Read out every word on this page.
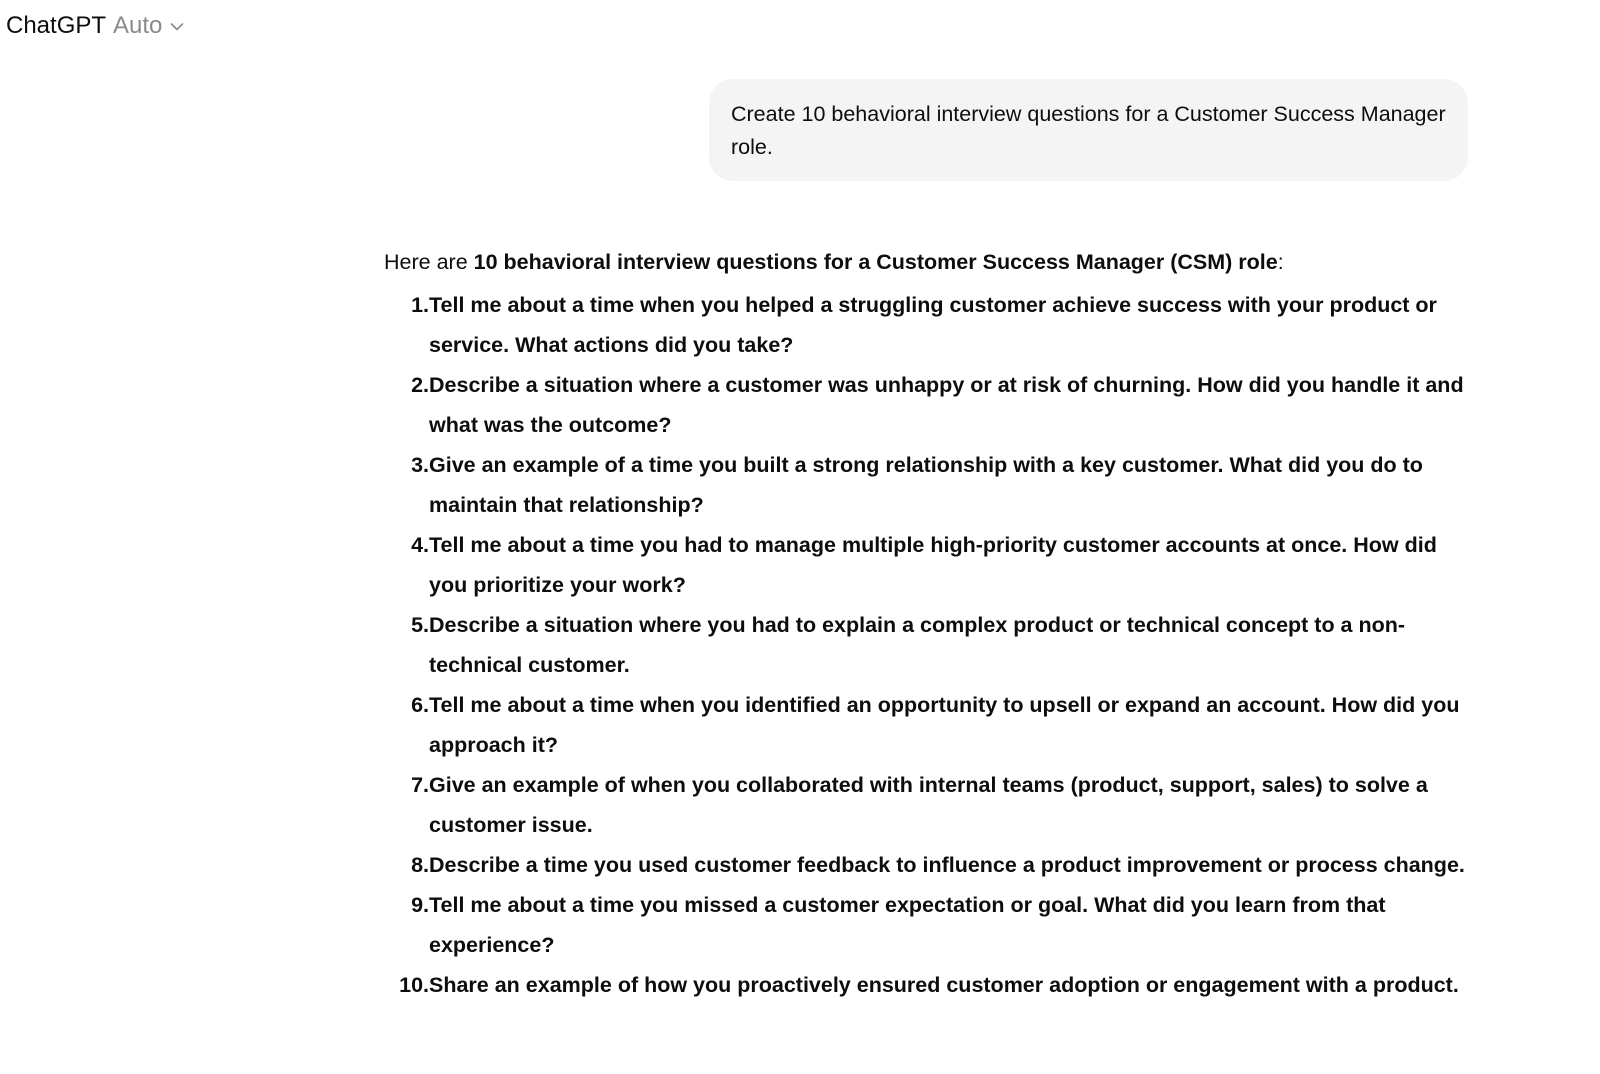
ChatGPT Auto
Create 10 behavioral interview questions for a Customer Success Manager role.

Here are 10 behavioral interview questions for a Customer Success Manager (CSM) role:

1. Tell me about a time when you helped a struggling customer achieve success with your product or service. What actions did you take?
2. Describe a situation where a customer was unhappy or at risk of churning. How did you handle it and what was the outcome?
3. Give an example of a time you built a strong relationship with a key customer. What did you do to maintain that relationship?
4. Tell me about a time you had to manage multiple high-priority customer accounts at once. How did you prioritize your work?
5. Describe a situation where you had to explain a complex product or technical concept to a non-technical customer.
6. Tell me about a time when you identified an opportunity to upsell or expand an account. How did you approach it?
7. Give an example of when you collaborated with internal teams (product, support, sales) to solve a customer issue.
8. Describe a time you used customer feedback to influence a product improvement or process change.
9. Tell me about a time you missed a customer expectation or goal. What did you learn from that experience?
10. Share an example of how you proactively ensured customer adoption or engagement with a product.
